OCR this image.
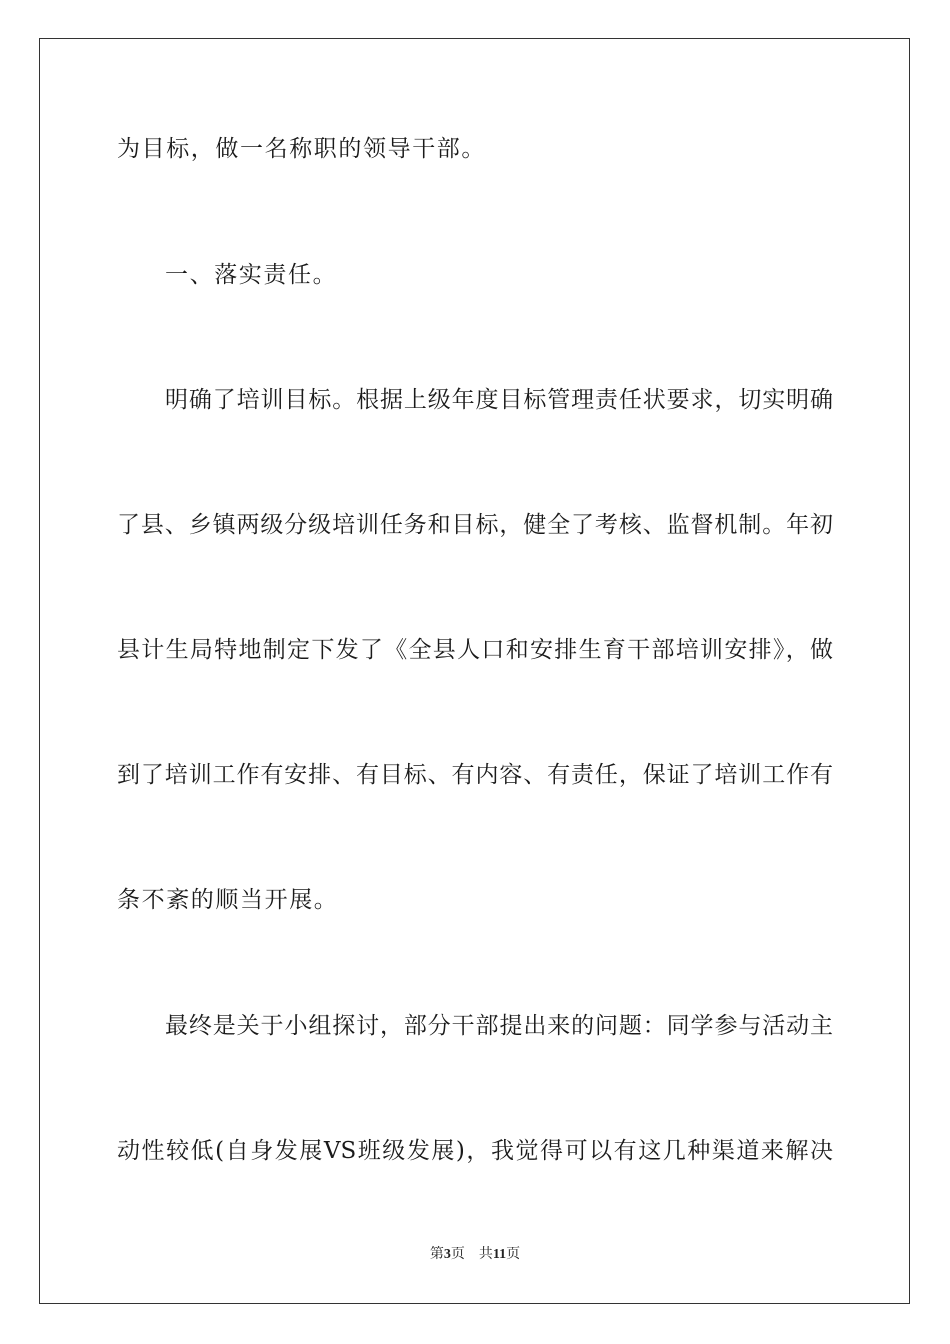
为目标，做一名称职的领导干部。
一、落实责任。
明确了培训目标。根据上级年度目标管理责任状要求，切实明确
了县、乡镇两级分级培训任务和目标，健全了考核、监督机制。年初
县计生局特地制定下发了《全县人口和安排生育干部培训安排》，做
到了培训工作有安排、有目标、有内容、有责任，保证了培训工作有
条不紊的顺当开展。
最终是关于小组探讨，部分干部提出来的问题：同学参与活动主
动性较低(自身发展VS班级发展)，我觉得可以有这几种渠道来解决
第3页 共11页
